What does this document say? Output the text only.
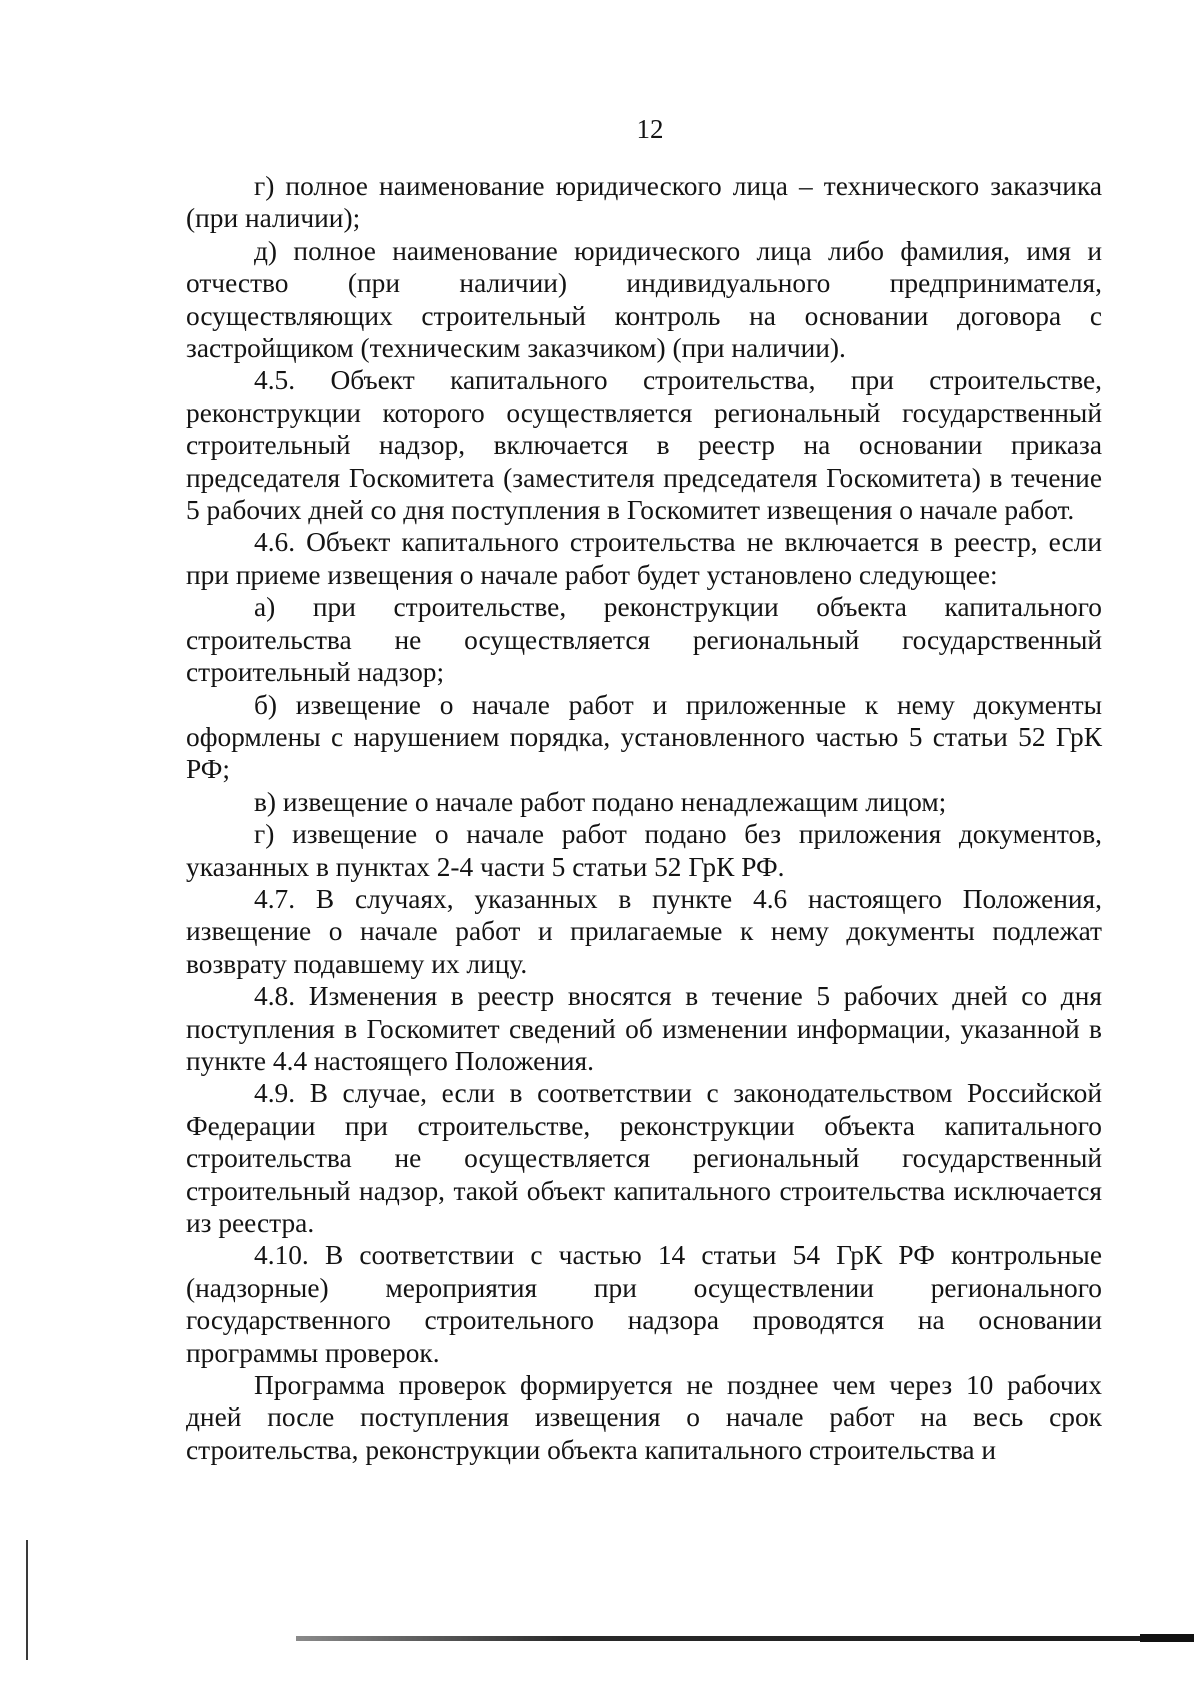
12

г) полное наименование юридического лица – технического заказчика (при наличии);

д) полное наименование юридического лица либо фамилия, имя и отчество (при наличии) индивидуального предпринимателя, осуществляющих строительный контроль на основании договора с застройщиком (техническим заказчиком) (при наличии).

4.5. Объект капитального строительства, при строительстве, реконструкции которого осуществляется региональный государственный строительный надзор, включается в реестр на основании приказа председателя Госкомитета (заместителя председателя Госкомитета) в течение 5 рабочих дней со дня поступления в Госкомитет извещения о начале работ.

4.6. Объект капитального строительства не включается в реестр, если при приеме извещения о начале работ будет установлено следующее:

а) при строительстве, реконструкции объекта капитального строительства не осуществляется региональный государственный строительный надзор;

б) извещение о начале работ и приложенные к нему документы оформлены с нарушением порядка, установленного частью 5 статьи 52 ГрК РФ;

в) извещение о начале работ подано ненадлежащим лицом;

г) извещение о начале работ подано без приложения документов, указанных в пунктах 2-4 части 5 статьи 52 ГрК РФ.

4.7. В случаях, указанных в пункте 4.6 настоящего Положения, извещение о начале работ и прилагаемые к нему документы подлежат возврату подавшему их лицу.

4.8. Изменения в реестр вносятся в течение 5 рабочих дней со дня поступления в Госкомитет сведений об изменении информации, указанной в пункте 4.4 настоящего Положения.

4.9. В случае, если в соответствии с законодательством Российской Федерации при строительстве, реконструкции объекта капитального строительства не осуществляется региональный государственный строительный надзор, такой объект капитального строительства исключается из реестра.

4.10. В соответствии с частью 14 статьи 54 ГрК РФ контрольные (надзорные) мероприятия при осуществлении регионального государственного строительного надзора проводятся на основании программы проверок.

Программа проверок формируется не позднее чем через 10 рабочих дней после поступления извещения о начале работ на весь срок строительства, реконструкции объекта капитального строительства и
